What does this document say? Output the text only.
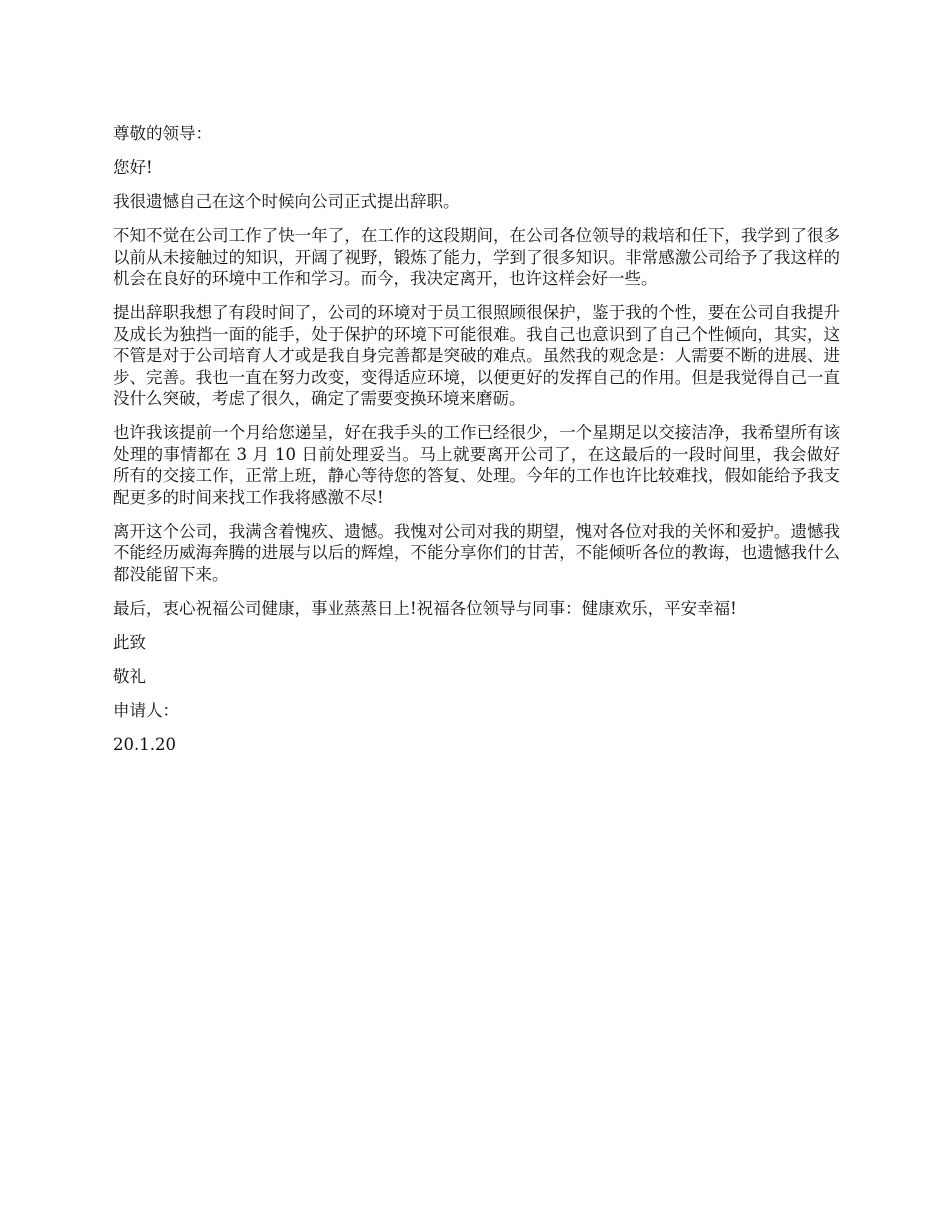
尊敬的领导：

您好!

我很遗憾自己在这个时候向公司正式提出辞职。

不知不觉在公司工作了快一年了，在工作的这段期间，在公司各位领导的栽培和任下，我学到了很多以前从未接触过的知识，开阔了视野，锻炼了能力，学到了很多知识。非常感激公司给予了我这样的机会在良好的环境中工作和学习。而今，我决定离开，也许这样会好一些。

提出辞职我想了有段时间了，公司的环境对于员工很照顾很保护，鉴于我的个性，要在公司自我提升及成长为独挡一面的能手，处于保护的环境下可能很难。我自己也意识到了自己个性倾向，其实，这不管是对于公司培育人才或是我自身完善都是突破的难点。虽然我的观念是：人需要不断的进展、进步、完善。我也一直在努力改变，变得适应环境，以便更好的发挥自己的作用。但是我觉得自己一直没什么突破，考虑了很久，确定了需要变换环境来磨砺。

也许我该提前一个月给您递呈，好在我手头的工作已经很少，一个星期足以交接洁净，我希望所有该处理的事情都在 3 月 10 日前处理妥当。马上就要离开公司了，在这最后的一段时间里，我会做好所有的交接工作，正常上班，静心等待您的答复、处理。今年的工作也许比较难找，假如能给予我支配更多的时间来找工作我将感激不尽!

离开这个公司，我满含着愧疚、遗憾。我愧对公司对我的期望，愧对各位对我的关怀和爱护。遗憾我不能经历威海奔腾的进展与以后的辉煌，不能分享你们的甘苦，不能倾听各位的教诲，也遗憾我什么都没能留下来。

最后，衷心祝福公司健康，事业蒸蒸日上!祝福各位领导与同事：健康欢乐，平安幸福!

此致

敬礼

申请人：

20.1.20
